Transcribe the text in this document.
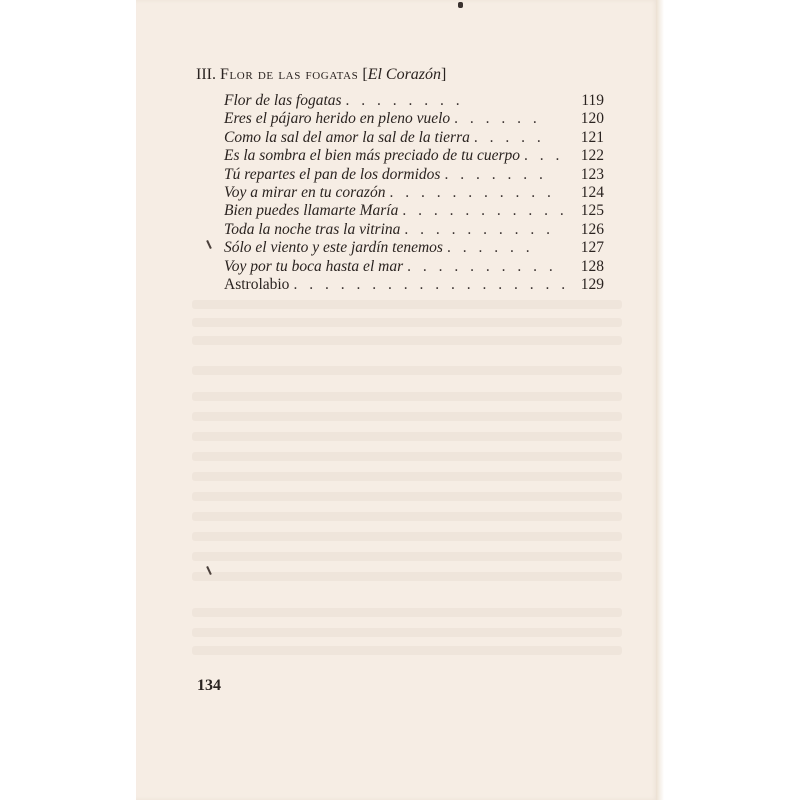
III. Flor de las fogatas [El Corazón]
Flor de las fogatas . . . . . . . .	119
Eres el pájaro herido en pleno vuelo . . . . . .	120
Como la sal del amor la sal de la tierra . . . . .	121
Es la sombra el bien más preciado de tu cuerpo . . .	122
Tú repartes el pan de los dormidos . . . . . . .	123
Voy a mirar en tu corazón . . . . . . . . . . .	124
Bien puedes llamarte María . . . . . . . . . . . 125
Toda la noche tras la vitrina . . . . . . . . . .	126
Sólo el viento y este jardín tenemos . . . . . .	127
Voy por tu boca hasta el mar . . . . . . . . . .	128
Astrolabio . . . . . . . . . . . . . . . . . . 129
134
